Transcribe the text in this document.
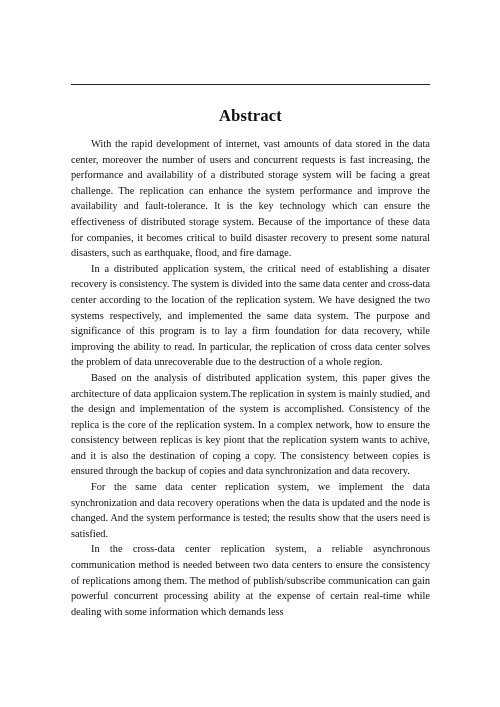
Abstract

With the rapid development of internet, vast amounts of data stored in the data center, moreover the number of users and concurrent requests is fast increasing, the performance and availability of a distributed storage system will be facing a great challenge. The replication can enhance the system performance and improve the availability and fault-tolerance. It is the key technology which can ensure the effectiveness of distributed storage system. Because of the importance of these data for companies, it becomes critical to build disaster recovery to present some natural disasters, such as earthquake, flood, and fire damage.

In a distributed application system, the critical need of establishing a disater recovery is consistency. The system is divided into the same data center and cross-data center according to the location of the replication system. We have designed the two systems respectively, and implemented the same data system. The purpose and significance of this program is to lay a firm foundation for data recovery, while improving the ability to read. In particular, the replication of cross data center solves the problem of data unrecoverable due to the destruction of a whole region.

Based on the analysis of distributed application system, this paper gives the architecture of data applicaion system.The replication in system is mainly studied, and the design and implementation of the system is accomplished. Consistency of the replica is the core of the replication system. In a complex network, how to ensure the consistency between replicas is key piont that the replication system wants to achive, and it is also the destination of coping a copy. The consistency between copies is ensured through the backup of copies and data synchronization and data recovery.

For the same data center replication system, we implement the data synchronization and data recovery operations when the data is updated and the node is changed. And the system performance is tested; the results show that the users need is satisfied.

In the cross-data center replication system, a reliable asynchronous communication method is needed between two data centers to ensure the consistency of replications among them. The method of publish/subscribe communication can gain powerful concurrent processing ability at the expense of certain real-time while dealing with some information which demands less
